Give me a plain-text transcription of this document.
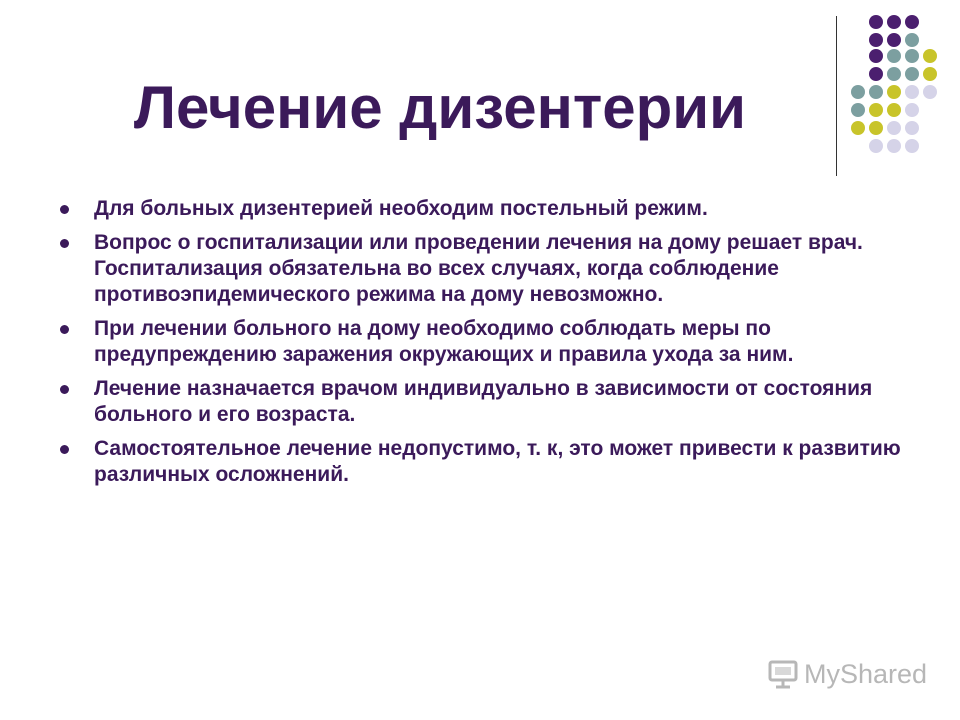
Лечение дизентерии
Для больных дизентерией необходим постельный режим.
Вопрос о госпитализации или проведении лечения на дому решает врач. Госпитализация обязательна во всех случаях, когда соблюдение противоэпидемического режима на дому невозможно.
При лечении больного на дому необходимо соблюдать меры по предупреждению заражения окружающих и правила ухода за ним.
Лечение назначается врачом индивидуально в зависимости от состояния больного и его возраста.
Самостоятельное лечение недопустимо, т. к, это может привести к развитию различных осложнений.
MyShared
